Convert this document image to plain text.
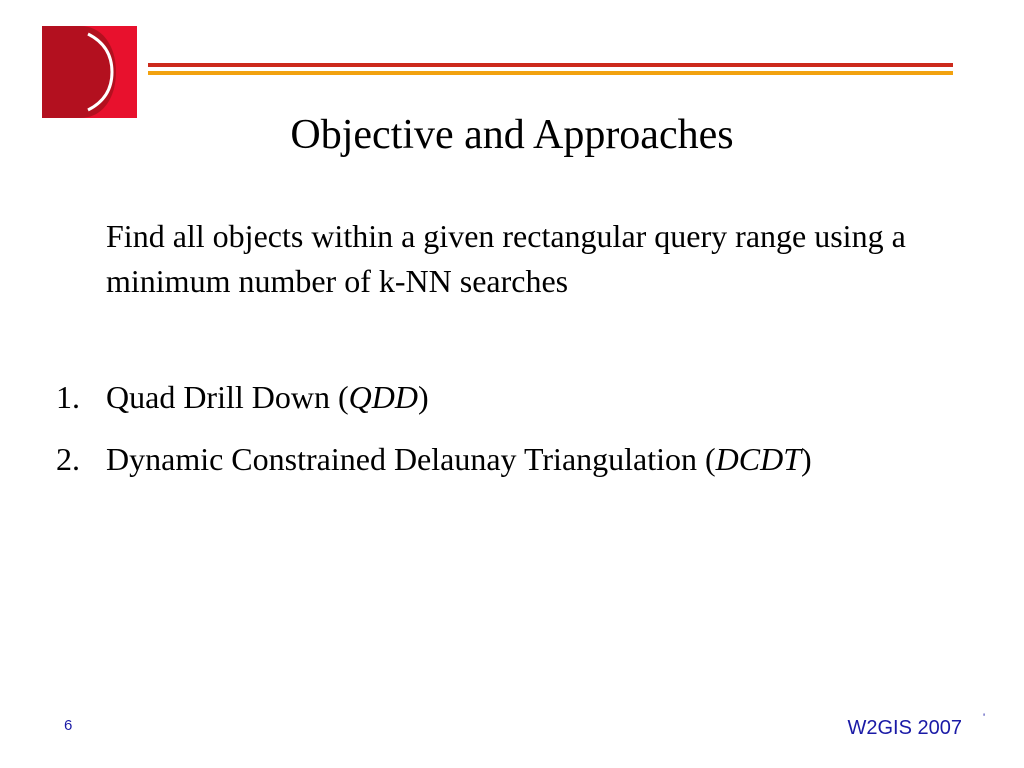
Objective and Approaches
Find all objects within a given rectangular query range using a minimum number of k-NN searches
1. Quad Drill Down (QDD)
2. Dynamic Constrained Delaunay Triangulation (DCDT)
6	W2GIS 2007 '
